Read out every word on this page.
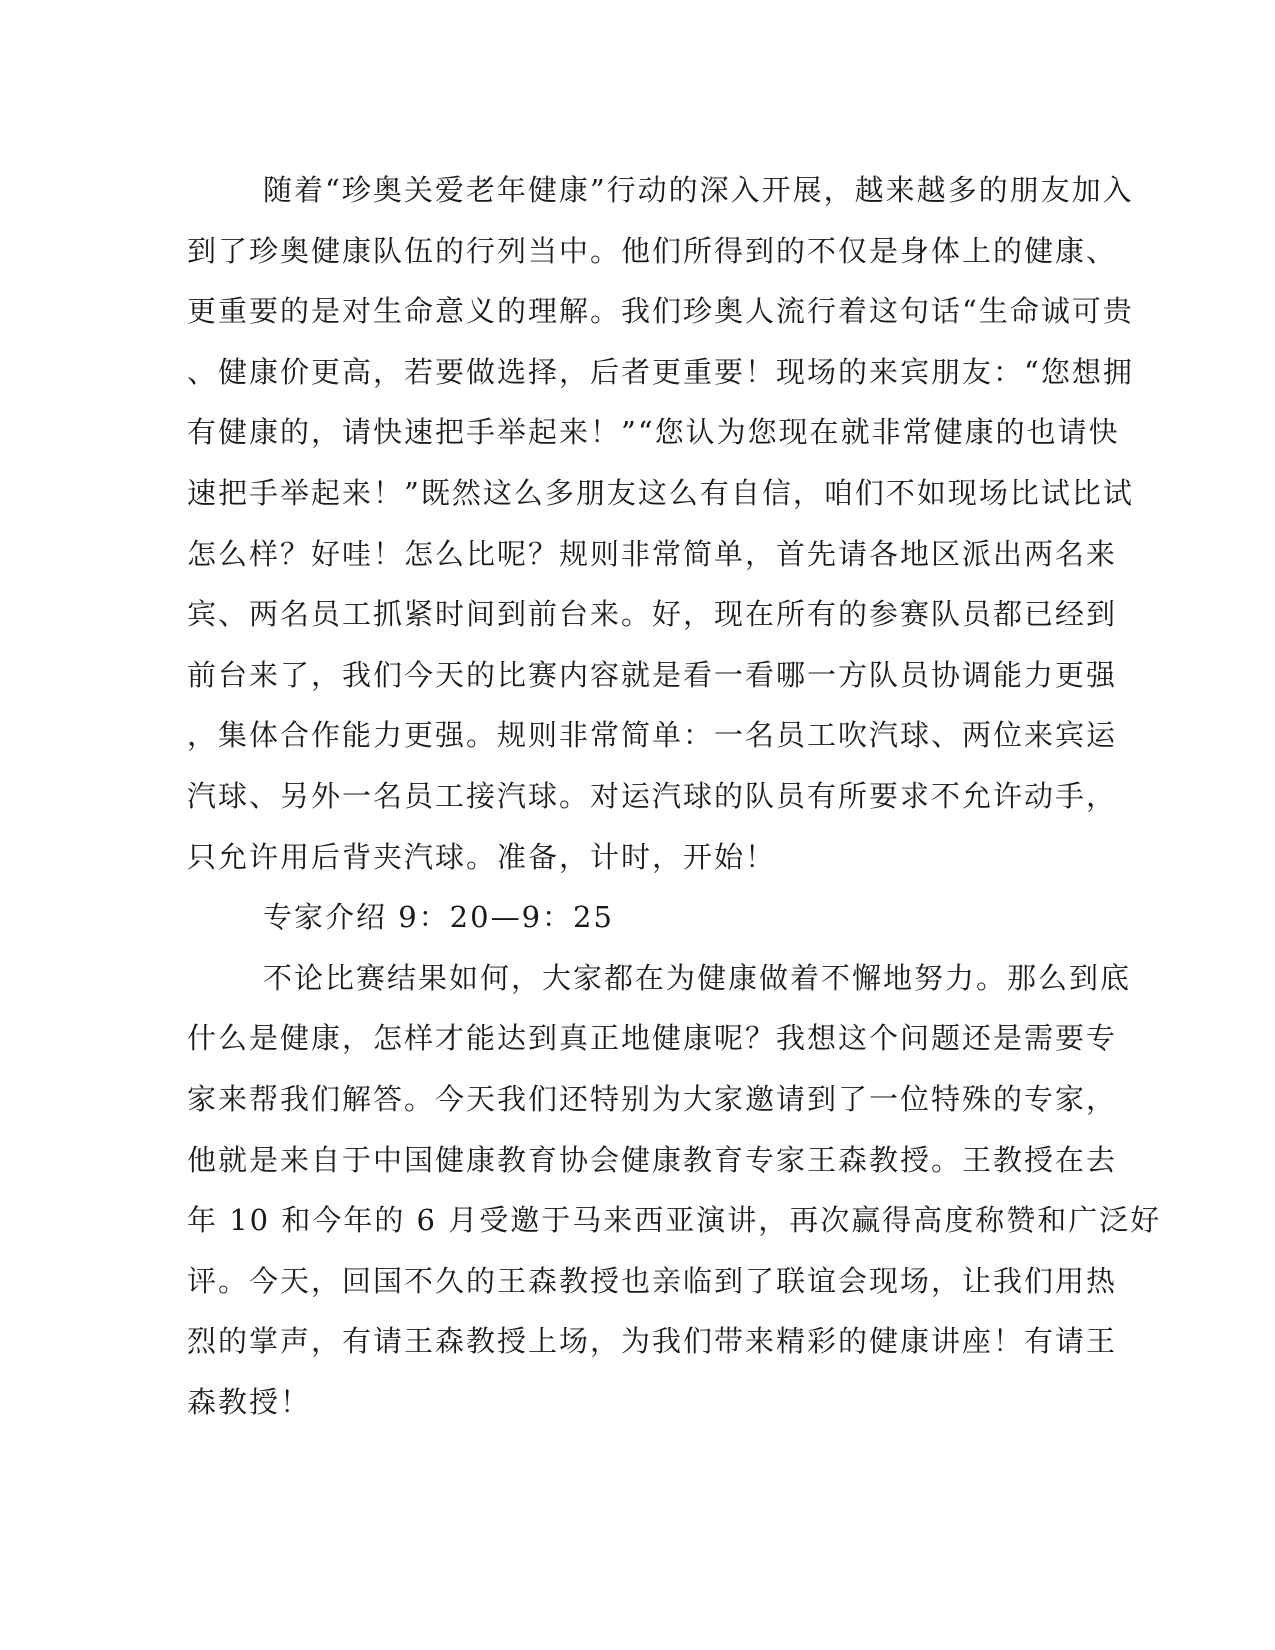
随着“珍奥关爱老年健康”行动的深入开展，越来越多的朋友加入
到了珍奥健康队伍的行列当中。他们所得到的不仅是身体上的健康、
更重要的是对生命意义的理解。我们珍奥人流行着这句话“生命诚可贵
、健康价更高，若要做选择，后者更重要！现场的来宾朋友：“您想拥
有健康的，请快速把手举起来！”“您认为您现在就非常健康的也请快
速把手举起来！”既然这么多朋友这么有自信，咱们不如现场比试比试
怎么样？好哇！怎么比呢？规则非常简单，首先请各地区派出两名来
宾、两名员工抓紧时间到前台来。好，现在所有的参赛队员都已经到
前台来了，我们今天的比赛内容就是看一看哪一方队员协调能力更强
，集体合作能力更强。规则非常简单：一名员工吹汽球、两位来宾运
汽球、另外一名员工接汽球。对运汽球的队员有所要求不允许动手，
只允许用后背夹汽球。准备，计时，开始！
专家介绍 9：20—9：25
不论比赛结果如何，大家都在为健康做着不懈地努力。那么到底
什么是健康，怎样才能达到真正地健康呢？我想这个问题还是需要专
家来帮我们解答。今天我们还特别为大家邀请到了一位特殊的专家，
他就是来自于中国健康教育协会健康教育专家王森教授。王教授在去
年 10 和今年的 6 月受邀于马来西亚演讲，再次赢得高度称赞和广泛好
评。今天，回国不久的王森教授也亲临到了联谊会现场，让我们用热
烈的掌声，有请王森教授上场，为我们带来精彩的健康讲座！有请王
森教授！
